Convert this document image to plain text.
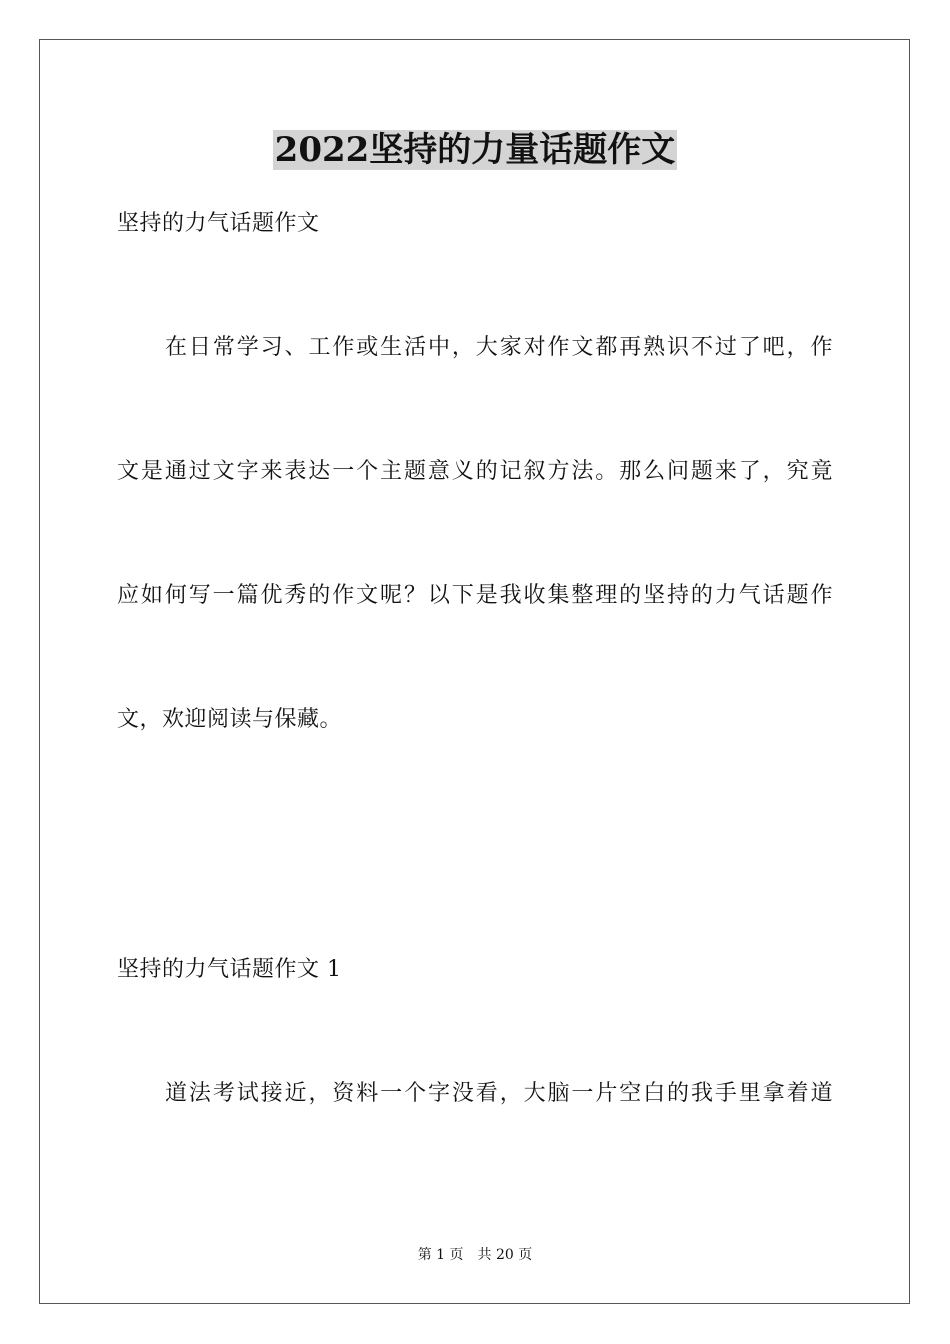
2022坚持的力量话题作文
坚持的力气话题作文
在日常学习、工作或生活中，大家对作文都再熟识不过了吧，作
文是通过文字来表达一个主题意义的记叙方法。那么问题来了，究竟
应如何写一篇优秀的作文呢？以下是我收集整理的坚持的力气话题作
文，欢迎阅读与保藏。
坚持的力气话题作文 1
道法考试接近，资料一个字没看，大脑一片空白的我手里拿着道
第 1 页 共 20 页
